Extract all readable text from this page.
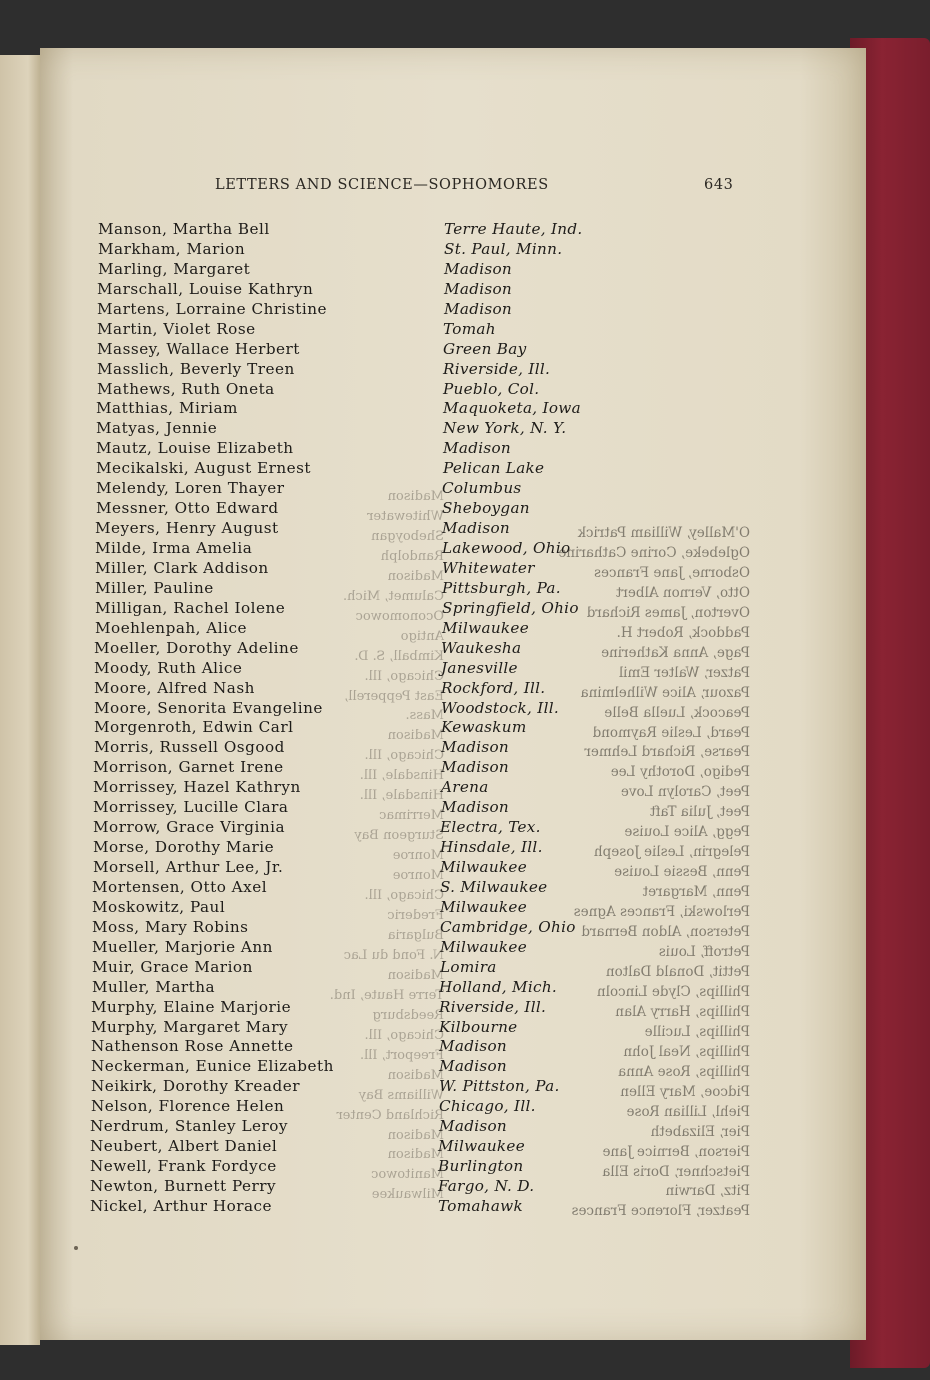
LETTERS AND SCIENCE—SOPHOMORES	643
Manson, Martha Bell	Terre Haute, Ind.
Markham, Marion	St. Paul, Minn.
Marling, Margaret	Madison
Marschall, Louise Kathryn	Madison
Martens, Lorraine Christine	Madison
Martin, Violet Rose	Tomah
Massey, Wallace Herbert	Green Bay
Masslich, Beverly Treen	Riverside, Ill.
Mathews, Ruth Oneta	Pueblo, Col.
Matthias, Miriam	Maquoketa, Iowa
Matyas, Jennie	New York, N. Y.
Mautz, Louise Elizabeth	Madison
Mecikalski, August Ernest	Pelican Lake
Melendy, Loren Thayer	Columbus
Messner, Otto Edward	Sheboygan
Meyers, Henry August	Madison
Milde, Irma Amelia	Lakewood, Ohio
Miller, Clark Addison	Whitewater
Miller, Pauline	Pittsburgh, Pa.
Milligan, Rachel Iolene	Springfield, Ohio
Moehlenpah, Alice	Milwaukee
Moeller, Dorothy Adeline	Waukesha
Moody, Ruth Alice	Janesville
Moore, Alfred Nash	Rockford, Ill.
Moore, Senorita Evangeline	Woodstock, Ill.
Morgenroth, Edwin Carl	Kewaskum
Morris, Russell Osgood	Madison
Morrison, Garnet Irene	Madison
Morrissey, Hazel Kathryn	Arena
Morrissey, Lucille Clara	Madison
Morrow, Grace Virginia	Electra, Tex.
Morse, Dorothy Marie	Hinsdale, Ill.
Morsell, Arthur Lee, Jr.	Milwaukee
Mortensen, Otto Axel	S. Milwaukee
Moskowitz, Paul	Milwaukee
Moss, Mary Robins	Cambridge, Ohio
Mueller, Marjorie Ann	Milwaukee
Muir, Grace Marion	Lomira
Muller, Martha	Holland, Mich.
Murphy, Elaine Marjorie	Riverside, Ill.
Murphy, Margaret Mary	Kilbourne
Nathenson Rose Annette	Madison
Neckerman, Eunice Elizabeth	Madison
Neikirk, Dorothy Kreader	W. Pittston, Pa.
Nelson, Florence Helen	Chicago, Ill.
Nerdrum, Stanley Leroy	Madison
Neubert, Albert Daniel	Milwaukee
Newell, Frank Fordyce	Burlington
Newton, Burnett Perry	Fargo, N. D.
Nickel, Arthur Horace	Tomahawk
Madison
Whitewater
Sheboygan
Randolph
Madison
Calumet, Mich.
Oconomowoc
Antigo
Kimball, S. D.
Chicago, Ill.
East Pepperell, Mass.
Madison
Chicago, Ill.
Hinsdale, Ill.
Hinsdale, Ill.
Merrimac
Sturgeon Bay
Monroe
Monroe
Chicago, Ill.
Frederic
Bulgaria
N. Fond du Lac
Madison
Terre Haute, Ind.
Reedsburg
Chicago, Ill.
Freeport, Ill.
Madison
Williams Bay
Richland Center
Madison
Madison
Manitowoc
Milwaukee
O'Malley, William Patrick
Oglebeke, Corine Catharine
Osborne, Jane Frances
Otto, Vernon Albert
Overton, James Richard
Paddock, Robert H.
Page, Anna Katherine
Patzer, Walter Emil
Pazour, Alice Wilhelmina
Peacock, Luella Belle
Peard, Leslie Raymond
Pearse, Richard Lehmer
Pedigo, Dorothy Lee
Peet, Carolyn Love
Peet, Julia Taft
Pegg, Alice Louise
Pelegrin, Leslie Joseph
Penn, Bessie Louise
Penn, Margaret
Perlowski, Frances Agnes
Peterson, Aldon Bernard
Petroff, Louis
Pettit, Donald Dalton
Phillips, Clyde Lincoln
Phillips, Harry Alan
Phillips, Lucille
Phillips, Neal John
Phillips, Rose Anna
Pidcoe, Mary Ellen
Piehl, Lillian Rose
Pier, Elizabeth
Pierson, Bernice Jane
Pietschner, Doris Ella
Pitz, Darwin
Peatzer, Florence Frances
